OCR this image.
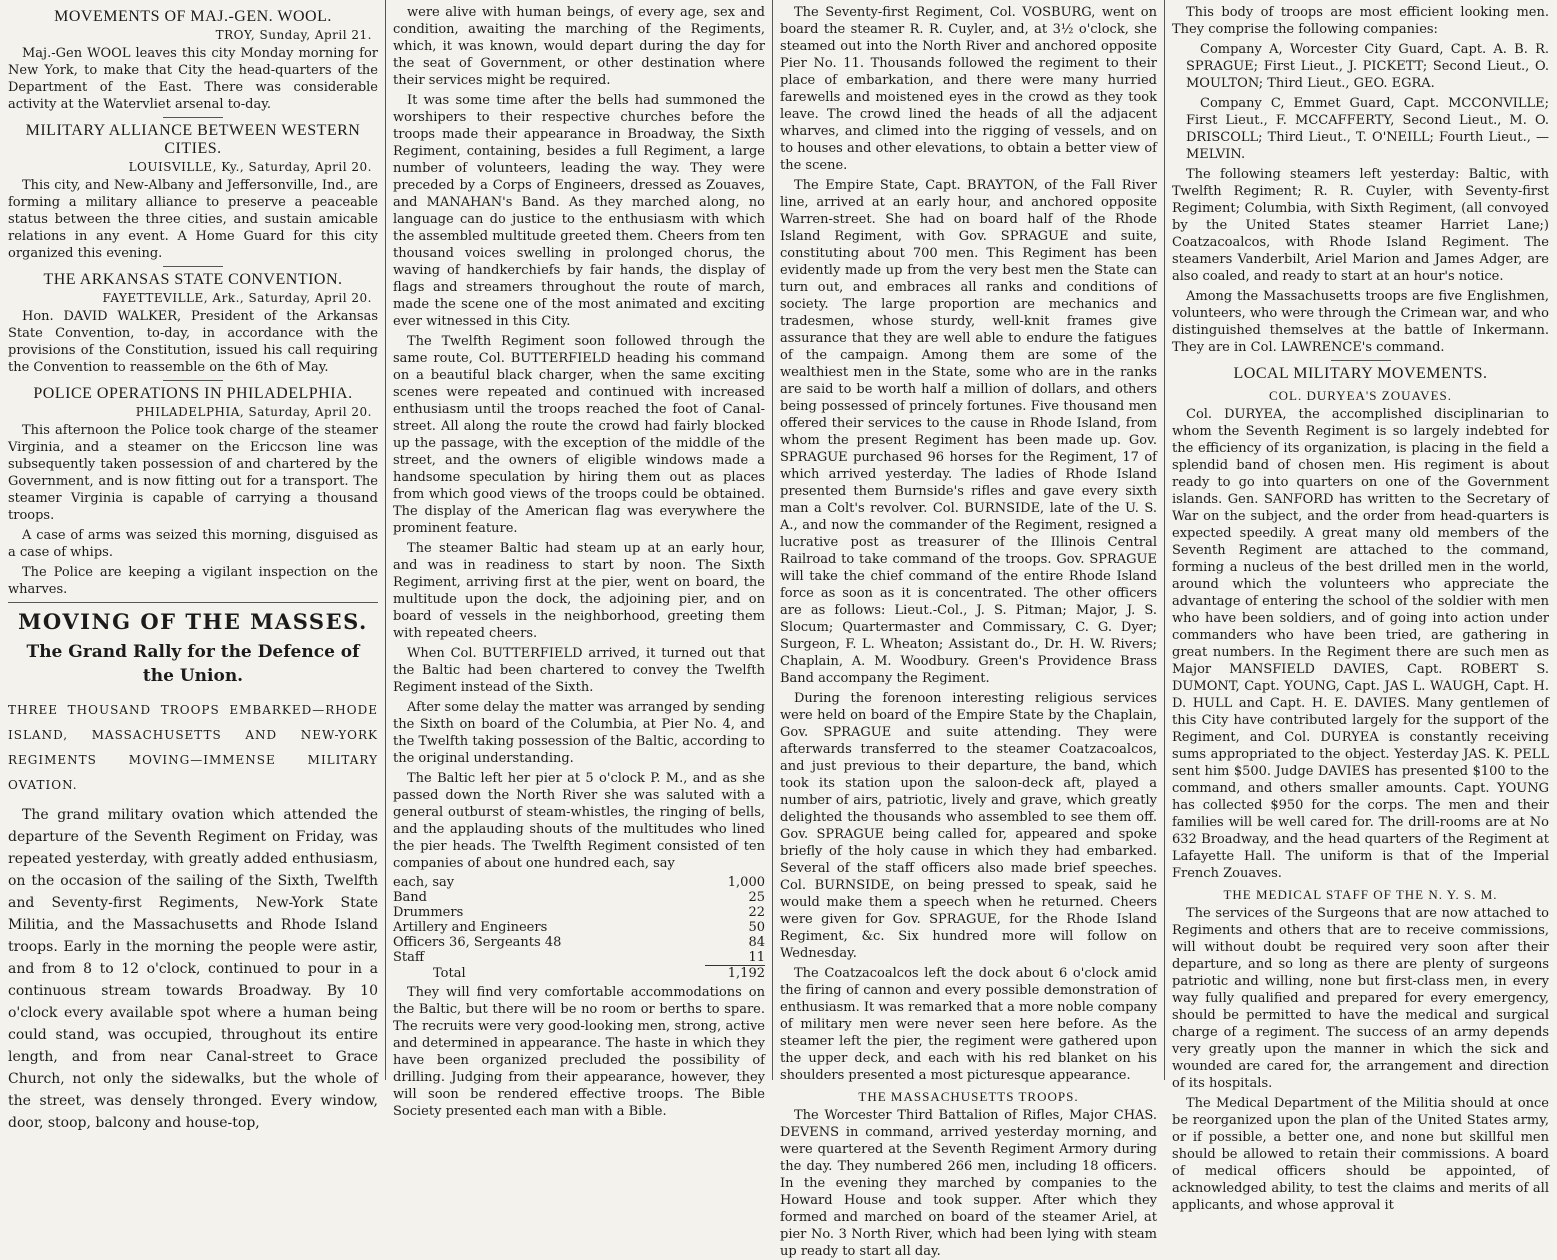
MOVEMENTS OF MAJ.-GEN. WOOL.
TROY, Sunday, April 21.

Maj.-Gen WOOL leaves this city Monday morning for New York, to make that City the head-quarters of the Department of the East. There was considerable activity at the Watervliet arsenal to-day.

MILITARY ALLIANCE BETWEEN WESTERN CITIES.
LOUISVILLE, Ky., Saturday, April 20.

This city, and New-Albany and Jeffersonville, Ind., are forming a military alliance to preserve a peaceable status between the three cities, and sustain amicable relations in any event. A Home Guard for this city organized this evening.

THE ARKANSAS STATE CONVENTION.
FAYETTEVILLE, Ark., Saturday, April 20.

Hon. DAVID WALKER, President of the Arkansas State Convention, to-day, in accordance with the provisions of the Constitution, issued his call requiring the Convention to reassemble on the 6th of May.

POLICE OPERATIONS IN PHILADELPHIA.
PHILADELPHIA, Saturday, April 20.

This afternoon the Police took charge of the steamer Virginia, and a steamer on the Ericcson line was subsequently taken possession of and chartered by the Government, and is now fitting out for a transport. The steamer Virginia is capable of carrying a thousand troops.

A case of arms was seized this morning, disguised as a case of whips.

The Police are keeping a vigilant inspection on the wharves.

MOVING OF THE MASSES.
The Grand Rally for the Defence of the Union.
THREE THOUSAND TROOPS EMBARKED—RHODE ISLAND, MASSACHUSETTS AND NEW-YORK REGIMENTS MOVING—IMMENSE MILITARY OVATION.

The grand military ovation which attended the departure of the Seventh Regiment on Friday, was repeated yesterday, with greatly added enthusiasm, on the occasion of the sailing of the Sixth, Twelfth and Seventy-first Regiments, New-York State Militia, and the Massachusetts and Rhode Island troops. Early in the morning the people were astir, and from 8 to 12 o'clock, continued to pour in a continuous stream towards Broadway. By 10 o'clock every available spot where a human being could stand, was occupied, throughout its entire length, and from near Canal-street to Grace Church, not only the sidewalks, but the whole of the street, was densely thronged. Every window, door, stoop, balcony and house-top,

were alive with human beings, of every age, sex and condition, awaiting the marching of the Regiments, which, it was known, would depart during the day for the seat of Government, or other destination where their services might be required.

It was some time after the bells had summoned the worshipers to their respective churches before the troops made their appearance in Broadway, the Sixth Regiment, containing, besides a full Regiment, a large number of volunteers, leading the way. They were preceded by a Corps of Engineers, dressed as Zouaves, and MANAHAN's Band. As they marched along, no language can do justice to the enthusiasm with which the assembled multitude greeted them. Cheers from ten thousand voices swelling in prolonged chorus, the waving of handkerchiefs by fair hands, the display of flags and streamers throughout the route of march, made the scene one of the most animated and exciting ever witnessed in this City.

The Twelfth Regiment soon followed through the same route, Col. BUTTERFIELD heading his command on a beautiful black charger, when the same exciting scenes were repeated and continued with increased enthusiasm until the troops reached the foot of Canal-street. All along the route the crowd had fairly blocked up the passage, with the exception of the middle of the street, and the owners of eligible windows made a handsome speculation by hiring them out as places from which good views of the troops could be obtained. The display of the American flag was everywhere the prominent feature.

The steamer Baltic had steam up at an early hour, and was in readiness to start by noon. The Sixth Regiment, arriving first at the pier, went on board, the multitude upon the dock, the adjoining pier, and on board of vessels in the neighborhood, greeting them with repeated cheers.

When Col. BUTTERFIELD arrived, it turned out that the Baltic had been chartered to convey the Twelfth Regiment instead of the Sixth.

After some delay the matter was arranged by sending the Sixth on board of the Columbia, at Pier No. 4, and the Twelfth taking possession of the Baltic, according to the original understanding.

The Baltic left her pier at 5 o'clock P. M., and as she passed down the North River she was saluted with a general outburst of steam-whistles, the ringing of bells, and the applauding shouts of the multitudes who lined the pier heads. The Twelfth Regiment consisted of ten companies of about one hundred each, say

each, say	1,000
Band	25
Drummers	22
Artillery and Engineers	50
Officers 36, Sergeants 48	84
Staff	11
Total	1,192

They will find very comfortable accommodations on the Baltic, but there will be no room or berths to spare. The recruits were very good-looking men, strong, active and determined in appearance. The haste in which they have been organized precluded the possibility of drilling. Judging from their appearance, however, they will soon be rendered effective troops. The Bible Society presented each man with a Bible.

The Seventy-first Regiment, Col. VOSBURG, went on board the steamer R. R. Cuyler, and, at 3½ o'clock, she steamed out into the North River and anchored opposite Pier No. 11. Thousands followed the regiment to their place of embarkation, and there were many hurried farewells and moistened eyes in the crowd as they took leave. The crowd lined the heads of all the adjacent wharves, and climed into the rigging of vessels, and on to houses and other elevations, to obtain a better view of the scene.

The Empire State, Capt. BRAYTON, of the Fall River line, arrived at an early hour, and anchored opposite Warren-street. She had on board half of the Rhode Island Regiment, with Gov. SPRAGUE and suite, constituting about 700 men. This Regiment has been evidently made up from the very best men the State can turn out, and embraces all ranks and conditions of society. The large proportion are mechanics and tradesmen, whose sturdy, well-knit frames give assurance that they are well able to endure the fatigues of the campaign. Among them are some of the wealthiest men in the State, some who are in the ranks are said to be worth half a million of dollars, and others being possessed of princely fortunes. Five thousand men offered their services to the cause in Rhode Island, from whom the present Regiment has been made up. Gov. SPRAGUE purchased 96 horses for the Regiment, 17 of which arrived yesterday. The ladies of Rhode Island presented them Burnside's rifles and gave every sixth man a Colt's revolver. Col. BURNSIDE, late of the U. S. A., and now the commander of the Regiment, resigned a lucrative post as treasurer of the Illinois Central Railroad to take command of the troops. Gov. SPRAGUE will take the chief command of the entire Rhode Island force as soon as it is concentrated. The other officers are as follows: Lieut.-Col., J. S. Pitman; Major, J. S. Slocum; Quartermaster and Commissary, C. G. Dyer; Surgeon, F. L. Wheaton; Assistant do., Dr. H. W. Rivers; Chaplain, A. M. Woodbury. Green's Providence Brass Band accompany the Regiment.

During the forenoon interesting religious services were held on board of the Empire State by the Chaplain, Gov. SPRAGUE and suite attending. They were afterwards transferred to the steamer Coatzacoalcos, and just previous to their departure, the band, which took its station upon the saloon-deck aft, played a number of airs, patriotic, lively and grave, which greatly delighted the thousands who assembled to see them off. Gov. SPRAGUE being called for, appeared and spoke briefly of the holy cause in which they had embarked. Several of the staff officers also made brief speeches. Col. BURNSIDE, on being pressed to speak, said he would make them a speech when he returned. Cheers were given for Gov. SPRAGUE, for the Rhode Island Regiment, &c. Six hundred more will follow on Wednesday.

The Coatzacoalcos left the dock about 6 o'clock amid the firing of cannon and every possible demonstration of enthusiasm. It was remarked that a more noble company of military men were never seen here before. As the steamer left the pier, the regiment were gathered upon the upper deck, and each with his red blanket on his shoulders presented a most picturesque appearance.

THE MASSACHUSETTS TROOPS.

The Worcester Third Battalion of Rifles, Major CHAS. DEVENS in command, arrived yesterday morning, and were quartered at the Seventh Regiment Armory during the day. They numbered 266 men, including 18 officers. In the evening they marched by companies to the Howard House and took supper. After which they formed and marched on board of the steamer Ariel, at pier No. 3 North River, which had been lying with steam up ready to start all day.

This body of troops are most efficient looking men. They comprise the following companies:

Company A, Worcester City Guard, Capt. A. B. R. SPRAGUE; First Lieut., J. PICKETT; Second Lieut., O. MOULTON; Third Lieut., GEO. EGRA.

Company C, Emmet Guard, Capt. MCCONVILLE; First Lieut., F. MCCAFFERTY, Second Lieut., M. O. DRISCOLL; Third Lieut., T. O'NEILL; Fourth Lieut., — MELVIN.

The following steamers left yesterday: Baltic, with Twelfth Regiment; R. R. Cuyler, with Seventy-first Regiment; Columbia, with Sixth Regiment, (all convoyed by the United States steamer Harriet Lane;) Coatzacoalcos, with Rhode Island Regiment. The steamers Vanderbilt, Ariel Marion and James Adger, are also coaled, and ready to start at an hour's notice.

Among the Massachusetts troops are five Englishmen, volunteers, who were through the Crimean war, and who distinguished themselves at the battle of Inkermann. They are in Col. LAWRENCE's command.

LOCAL MILITARY MOVEMENTS.
COL. DURYEA'S ZOUAVES.

Col. DURYEA, the accomplished disciplinarian to whom the Seventh Regiment is so largely indebted for the efficiency of its organization, is placing in the field a splendid band of chosen men. His regiment is about ready to go into quarters on one of the Government islands. Gen. SANFORD has written to the Secretary of War on the subject, and the order from head-quarters is expected speedily. A great many old members of the Seventh Regiment are attached to the command, forming a nucleus of the best drilled men in the world, around which the volunteers who appreciate the advantage of entering the school of the soldier with men who have been soldiers, and of going into action under commanders who have been tried, are gathering in great numbers. In the Regiment there are such men as Major MANSFIELD DAVIES, Capt. ROBERT S. DUMONT, Capt. YOUNG, Capt. JAS L. WAUGH, Capt. H. D. HULL and Capt. H. E. DAVIES. Many gentlemen of this City have contributed largely for the support of the Regiment, and Col. DURYEA is constantly receiving sums appropriated to the object. Yesterday JAS. K. PELL sent him $500. Judge DAVIES has presented $100 to the command, and others smaller amounts. Capt. YOUNG has collected $950 for the corps. The men and their families will be well cared for. The drill-rooms are at No 632 Broadway, and the head quarters of the Regiment at Lafayette Hall. The uniform is that of the Imperial French Zouaves.

THE MEDICAL STAFF OF THE N. Y. S. M.

The services of the Surgeons that are now attached to Regiments and others that are to receive commissions, will without doubt be required very soon after their departure, and so long as there are plenty of surgeons patriotic and willing, none but first-class men, in every way fully qualified and prepared for every emergency, should be permitted to have the medical and surgical charge of a regiment. The success of an army depends very greatly upon the manner in which the sick and wounded are cared for, the arrangement and direction of its hospitals.

The Medical Department of the Militia should at once be reorganized upon the plan of the United States army, or if possible, a better one, and none but skillful men should be allowed to retain their commissions. A board of medical officers should be appointed, of acknowledged ability, to test the claims and merits of all applicants, and whose approval it
